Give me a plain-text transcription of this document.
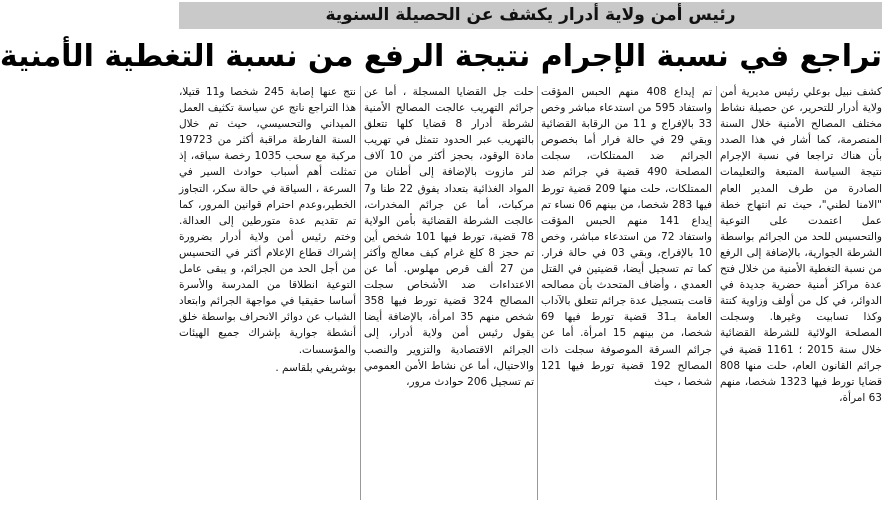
رئيس أمن ولاية أدرار يكشف عن الحصيلة السنوية
تراجع في نسبة الإجرام نتيجة الرفع من نسبة التغطية الأمنية

كشف نبيل بوعلي رئيس مديرية أمن ولاية أدرار للتحرير، عن حصيلة نشاط مختلف المصالح الأمنية خلال السنة المنصرمة، كما أشار في هذا الصدد بأن هناك تراجعا في نسبة الإجرام نتيجة السياسة المتبعة والتعليمات الصادرة من طرف المدير العام "الامنا لطني"، حيث تم انتهاج خطة عمل اعتمدت على التوعية والتحسيس للحد من الجرائم بواسطة الشرطة الجوارية، بالإضافة إلى الرفع من نسبة التغطية الأمنية من خلال فتح عدة مراكز أمنية حضرية جديدة في الدوائر، في كل من أولف وزاوية كنتة وكذا تسابيت وغيرها. وسجلت المصلحة الولائية للشرطة القضائية خلال سنة 2015 ؛ 1161 قضية في جرائم القانون العام، حلت منها 808 قضايا تورط فيها 1323 شخصا، منهم 63 امرأة،

تم إيداع 408 منهم الحبس المؤقت واستفاد 595 من استدعاء مباشر وخص 33 بالإفراج و 11 من الرقابة القضائية وبقي 29 في حالة فرار أما بخصوص الجرائم ضد الممتلكات، سجلت المصلحة 490 قضية في جرائم ضد الممتلكات، حلت منها 209 قضية تورط فيها 283 شخصا، من بينهم 06 نساء تم إيداع 141 منهم الحبس المؤقت واستفاد 72 من استدعاء مباشر، وخص 10 بالإفراج، وبقي 03 في حالة فرار. كما تم تسجيل أيضا، قضيتين في القتل العمدي ، وأضاف المتحدث بأن مصالحه قامت بتسجيل عدة جرائم تتعلق بالآداب العامة بـ31 قضية تورط فيها 69 شخصا، من بينهم 15 امرأة. أما عن جرائم السرقة الموصوفة سجلت ذات المصالح 192 قضية تورط فيها 121 شخصا ، حيث

حلت جل القضايا المسجلة ، أما عن جرائم التهريب عالجت المصالح الأمنية لشرطة أدرار 8 قضايا كلها تتعلق بالتهريب عبر الحدود تتمثل في تهريب مادة الوقود، بحجز أكثر من 10 آلاف لتر مازوت بالإضافة إلى أطنان من المواد الغذائية بتعداد يفوق 22 طنا و7 مركبات، أما عن جرائم المخدرات، عالجت الشرطة القضائية بأمن الولاية 78 قضية، تورط فيها 101 شخص أين تم حجز 8 كلغ غرام كيف معالج وأكثر من 27 ألف قرص مهلوس. أما عن الاعتداءات ضد الأشخاص سجلت المصالح 324 قضية تورط فيها 358 شخص منهم 35 امرأة، بالإضافة أيضا يقول رئيس أمن ولاية أدرار، إلى الجرائم الاقتصادية والتزوير والنصب والاحتيال، أما عن نشاط الأمن العمومي تم تسجيل 206 حوادث مرور،

نتج عنها إصابة 245 شخصا و11 قتيلا، هذا التراجع ناتج عن سياسة تكثيف العمل الميداني والتحسيسي، حيث تم خلال السنة الفارطة مراقبة أكثر من 19723 مركبة مع سحب 1035 رخصة سياقه، إذ تمثلت أهم أسباب حوادث السير في السرعة ، السياقة في حالة سكر، التجاوز الخطير،وعدم احترام قوانين المرور، كما تم تقديم عدة متورطين إلى العدالة. وختم رئيس أمن ولاية أدرار بضرورة إشراك قطاع الإعلام أكثر في التحسيس من أجل الحد من الجرائم، و يبقى عامل التوعية انطلاقا من المدرسة والأسرة أساسا حقيقيا في مواجهة الجرائم وابتعاد الشباب عن دوائر الانحراف بواسطة خلق أنشطة جوارية بإشراك جميع الهيئات والمؤسسات.

بوشريفي بلقاسم .
